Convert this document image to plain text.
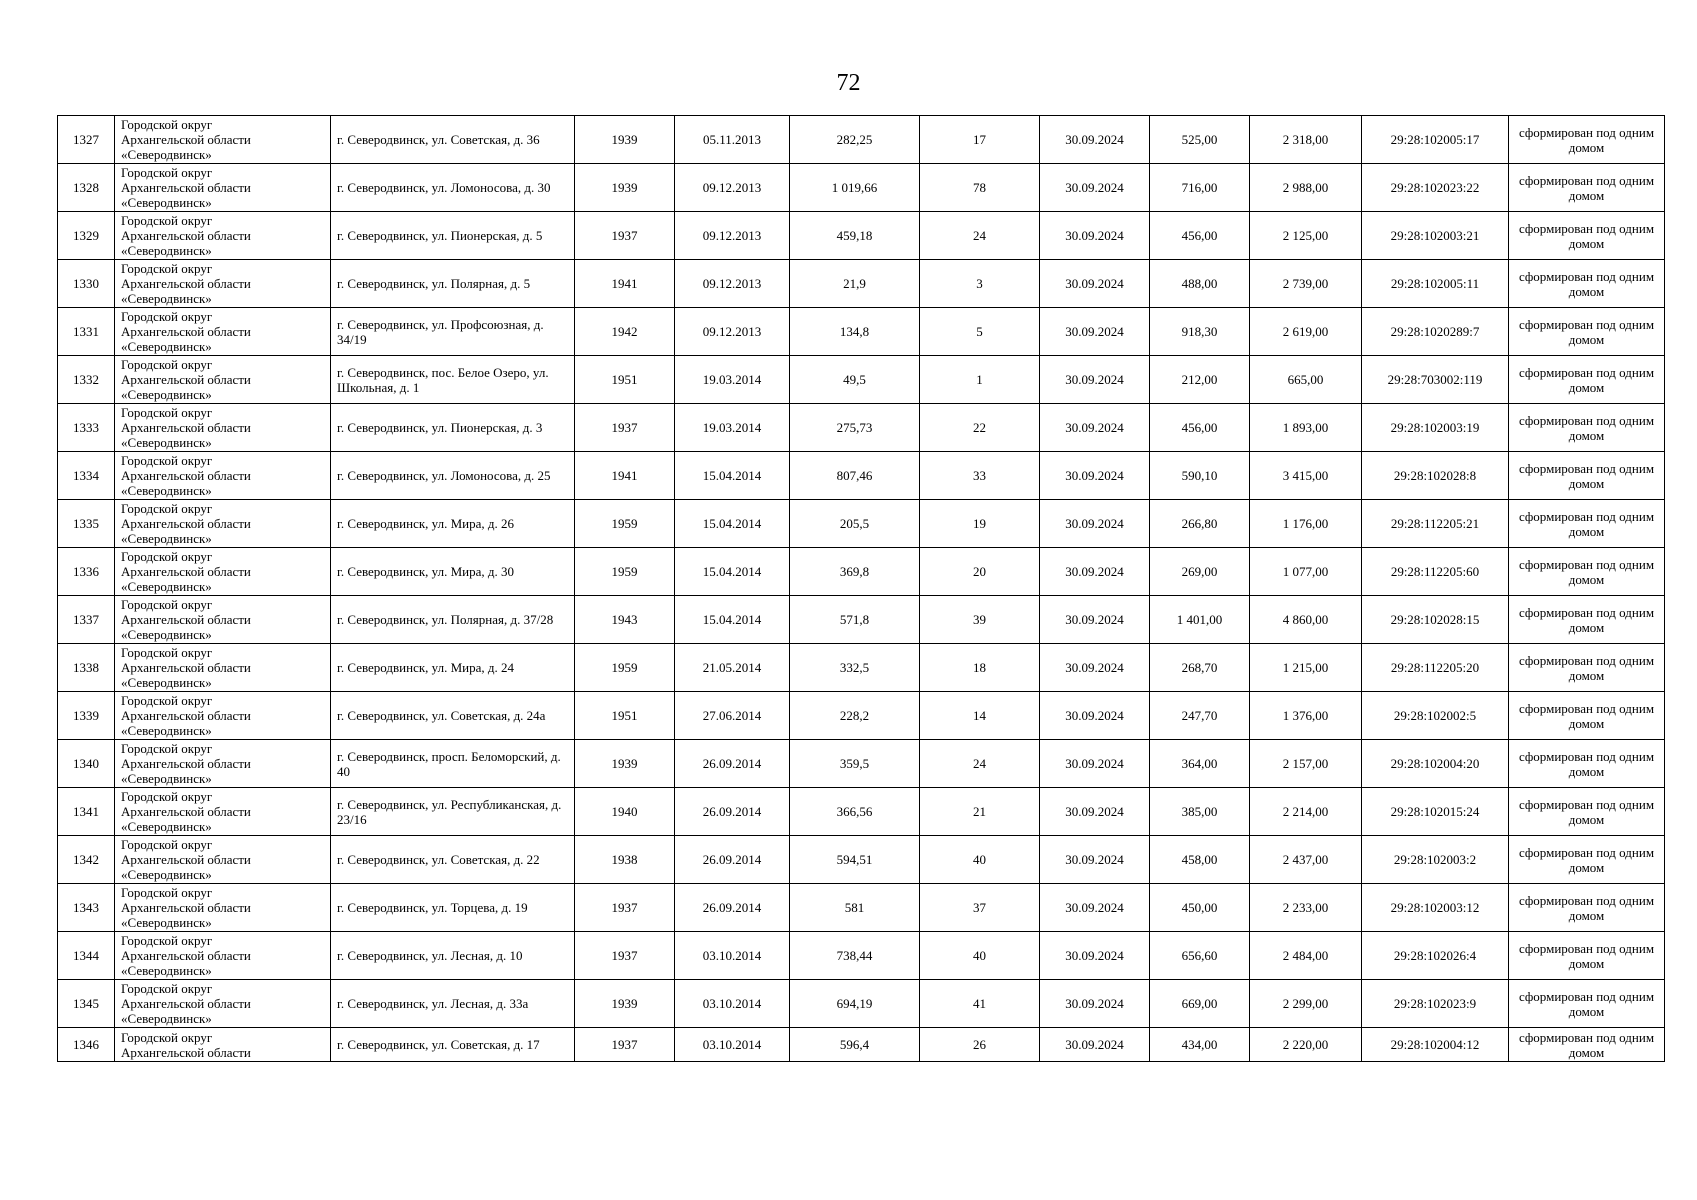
72
1327	Городской округ
Архангельской области
«Северодвинск»	г. Северодвинск, ул. Советская, д. 36	1939	05.11.2013	282,25	17	30.09.2024	525,00	2 318,00	29:28:102005:17	сформирован под одним домом
1328	Городской округ
Архангельской области
«Северодвинск»	г. Северодвинск, ул. Ломоносова, д. 30	1939	09.12.2013	1 019,66	78	30.09.2024	716,00	2 988,00	29:28:102023:22	сформирован под одним домом
1329	Городской округ
Архангельской области
«Северодвинск»	г. Северодвинск, ул. Пионерская, д. 5	1937	09.12.2013	459,18	24	30.09.2024	456,00	2 125,00	29:28:102003:21	сформирован под одним домом
1330	Городской округ
Архангельской области
«Северодвинск»	г. Северодвинск, ул. Полярная, д. 5	1941	09.12.2013	21,9	3	30.09.2024	488,00	2 739,00	29:28:102005:11	сформирован под одним домом
1331	Городской округ
Архангельской области
«Северодвинск»	г. Северодвинск, ул. Профсоюзная, д. 34/19	1942	09.12.2013	134,8	5	30.09.2024	918,30	2 619,00	29:28:1020289:7	сформирован под одним домом
1332	Городской округ
Архангельской области
«Северодвинск»	г. Северодвинск, пос. Белое Озеро, ул. Школьная, д. 1	1951	19.03.2014	49,5	1	30.09.2024	212,00	665,00	29:28:703002:119	сформирован под одним домом
1333	Городской округ
Архангельской области
«Северодвинск»	г. Северодвинск, ул. Пионерская, д. 3	1937	19.03.2014	275,73	22	30.09.2024	456,00	1 893,00	29:28:102003:19	сформирован под одним домом
1334	Городской округ
Архангельской области
«Северодвинск»	г. Северодвинск, ул. Ломоносова, д. 25	1941	15.04.2014	807,46	33	30.09.2024	590,10	3 415,00	29:28:102028:8	сформирован под одним домом
1335	Городской округ
Архангельской области
«Северодвинск»	г. Северодвинск, ул. Мира, д. 26	1959	15.04.2014	205,5	19	30.09.2024	266,80	1 176,00	29:28:112205:21	сформирован под одним домом
1336	Городской округ
Архангельской области
«Северодвинск»	г. Северодвинск, ул. Мира, д. 30	1959	15.04.2014	369,8	20	30.09.2024	269,00	1 077,00	29:28:112205:60	сформирован под одним домом
1337	Городской округ
Архангельской области
«Северодвинск»	г. Северодвинск, ул. Полярная, д. 37/28	1943	15.04.2014	571,8	39	30.09.2024	1 401,00	4 860,00	29:28:102028:15	сформирован под одним домом
1338	Городской округ
Архангельской области
«Северодвинск»	г. Северодвинск, ул. Мира, д. 24	1959	21.05.2014	332,5	18	30.09.2024	268,70	1 215,00	29:28:112205:20	сформирован под одним домом
1339	Городской округ
Архангельской области
«Северодвинск»	г. Северодвинск, ул. Советская, д. 24а	1951	27.06.2014	228,2	14	30.09.2024	247,70	1 376,00	29:28:102002:5	сформирован под одним домом
1340	Городской округ
Архангельской области
«Северодвинск»	г. Северодвинск, просп. Беломорский, д. 40	1939	26.09.2014	359,5	24	30.09.2024	364,00	2 157,00	29:28:102004:20	сформирован под одним домом
1341	Городской округ
Архангельской области
«Северодвинск»	г. Северодвинск, ул. Республиканская, д. 23/16	1940	26.09.2014	366,56	21	30.09.2024	385,00	2 214,00	29:28:102015:24	сформирован под одним домом
1342	Городской округ
Архангельской области
«Северодвинск»	г. Северодвинск, ул. Советская, д. 22	1938	26.09.2014	594,51	40	30.09.2024	458,00	2 437,00	29:28:102003:2	сформирован под одним домом
1343	Городской округ
Архангельской области
«Северодвинск»	г. Северодвинск, ул. Торцева, д. 19	1937	26.09.2014	581	37	30.09.2024	450,00	2 233,00	29:28:102003:12	сформирован под одним домом
1344	Городской округ
Архангельской области
«Северодвинск»	г. Северодвинск, ул. Лесная, д. 10	1937	03.10.2014	738,44	40	30.09.2024	656,60	2 484,00	29:28:102026:4	сформирован под одним домом
1345	Городской округ
Архангельской области
«Северодвинск»	г. Северодвинск, ул. Лесная, д. 33а	1939	03.10.2014	694,19	41	30.09.2024	669,00	2 299,00	29:28:102023:9	сформирован под одним домом
1346	Городской округ
Архангельской области	г. Северодвинск, ул. Советская, д. 17	1937	03.10.2014	596,4	26	30.09.2024	434,00	2 220,00	29:28:102004:12	сформирован под одним домом
